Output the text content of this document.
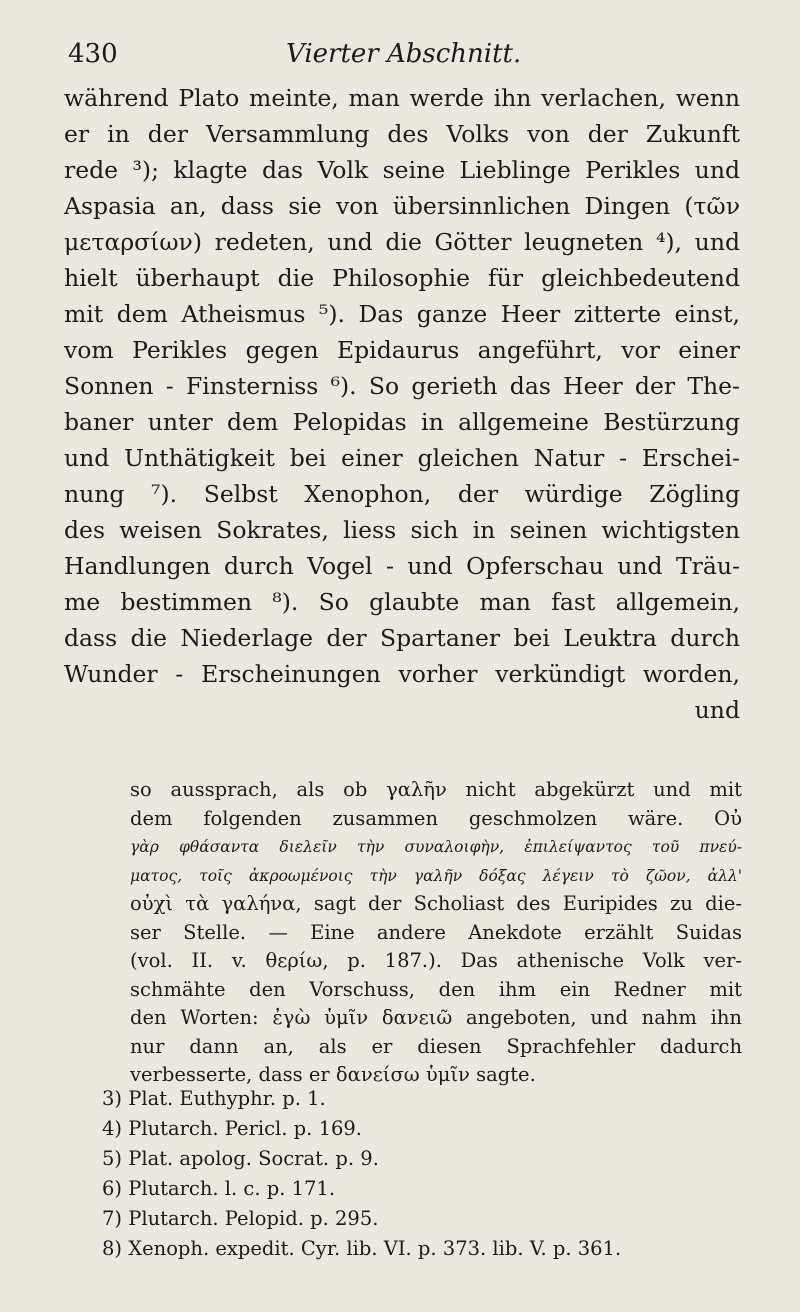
430	Vierter Abschnitt.
während Plato meinte, man werde ihn verlachen, wenn
er in der Versammlung des Volks von der Zukunft
rede ³); klagte das Volk seine Lieblinge Perikles und
Aspasia an, dass sie von übersinnlichen Dingen (τῶν
μεταρσίων) redeten, und die Götter leugneten ⁴), und
hielt überhaupt die Philosophie für gleichbedeutend
mit dem Atheismus ⁵). Das ganze Heer zitterte einst,
vom Perikles gegen Epidaurus angeführt, vor einer
Sonnen - Finsterniss ⁶). So gerieth das Heer der The-
baner unter dem Pelopidas in allgemeine Bestürzung
und Unthätigkeit bei einer gleichen Natur - Erschei-
nung ⁷). Selbst Xenophon, der würdige Zögling
des weisen Sokrates, liess sich in seinen wichtigsten
Handlungen durch Vogel - und Opferschau und Träu-
me bestimmen ⁸). So glaubte man fast allgemein,
dass die Niederlage der Spartaner bei Leuktra durch
Wunder - Erscheinungen vorher verkündigt worden,
und
so aussprach, als ob γαλῆν nicht abgekürzt und mit
dem folgenden zusammen geschmolzen wäre. Οὐ
γὰρ φθάσαντα διελεῖν τὴν συναλοιφὴν, ἐπιλείψαντος τοῦ πνεύ-
ματος, τοῖς ἀκροωμένοις τὴν γαλῆν δόξας λέγειν τὸ ζῶον, ἀλλ'
οὐχὶ τὰ γαλήνα, sagt der Scholiast des Euripides zu die-
ser Stelle. — Eine andere Anekdote erzählt Suidas
(vol. II. v. θερίω, p. 187.). Das athenische Volk ver-
schmähte den Vorschuss, den ihm ein Redner mit
den Worten: ἐγὼ ὑμῖν δανειῶ angeboten, und nahm ihn
nur dann an, als er diesen Sprachfehler dadurch
verbesserte, dass er δανείσω ὑμῖν sagte.
3) Plat. Euthyphr. p. 1.
4) Plutarch. Pericl. p. 169.
5) Plat. apolog. Socrat. p. 9.
6) Plutarch. l. c. p. 171.
7) Plutarch. Pelopid. p. 295.
8) Xenoph. expedit. Cyr. lib. VI. p. 373. lib. V. p. 361.
